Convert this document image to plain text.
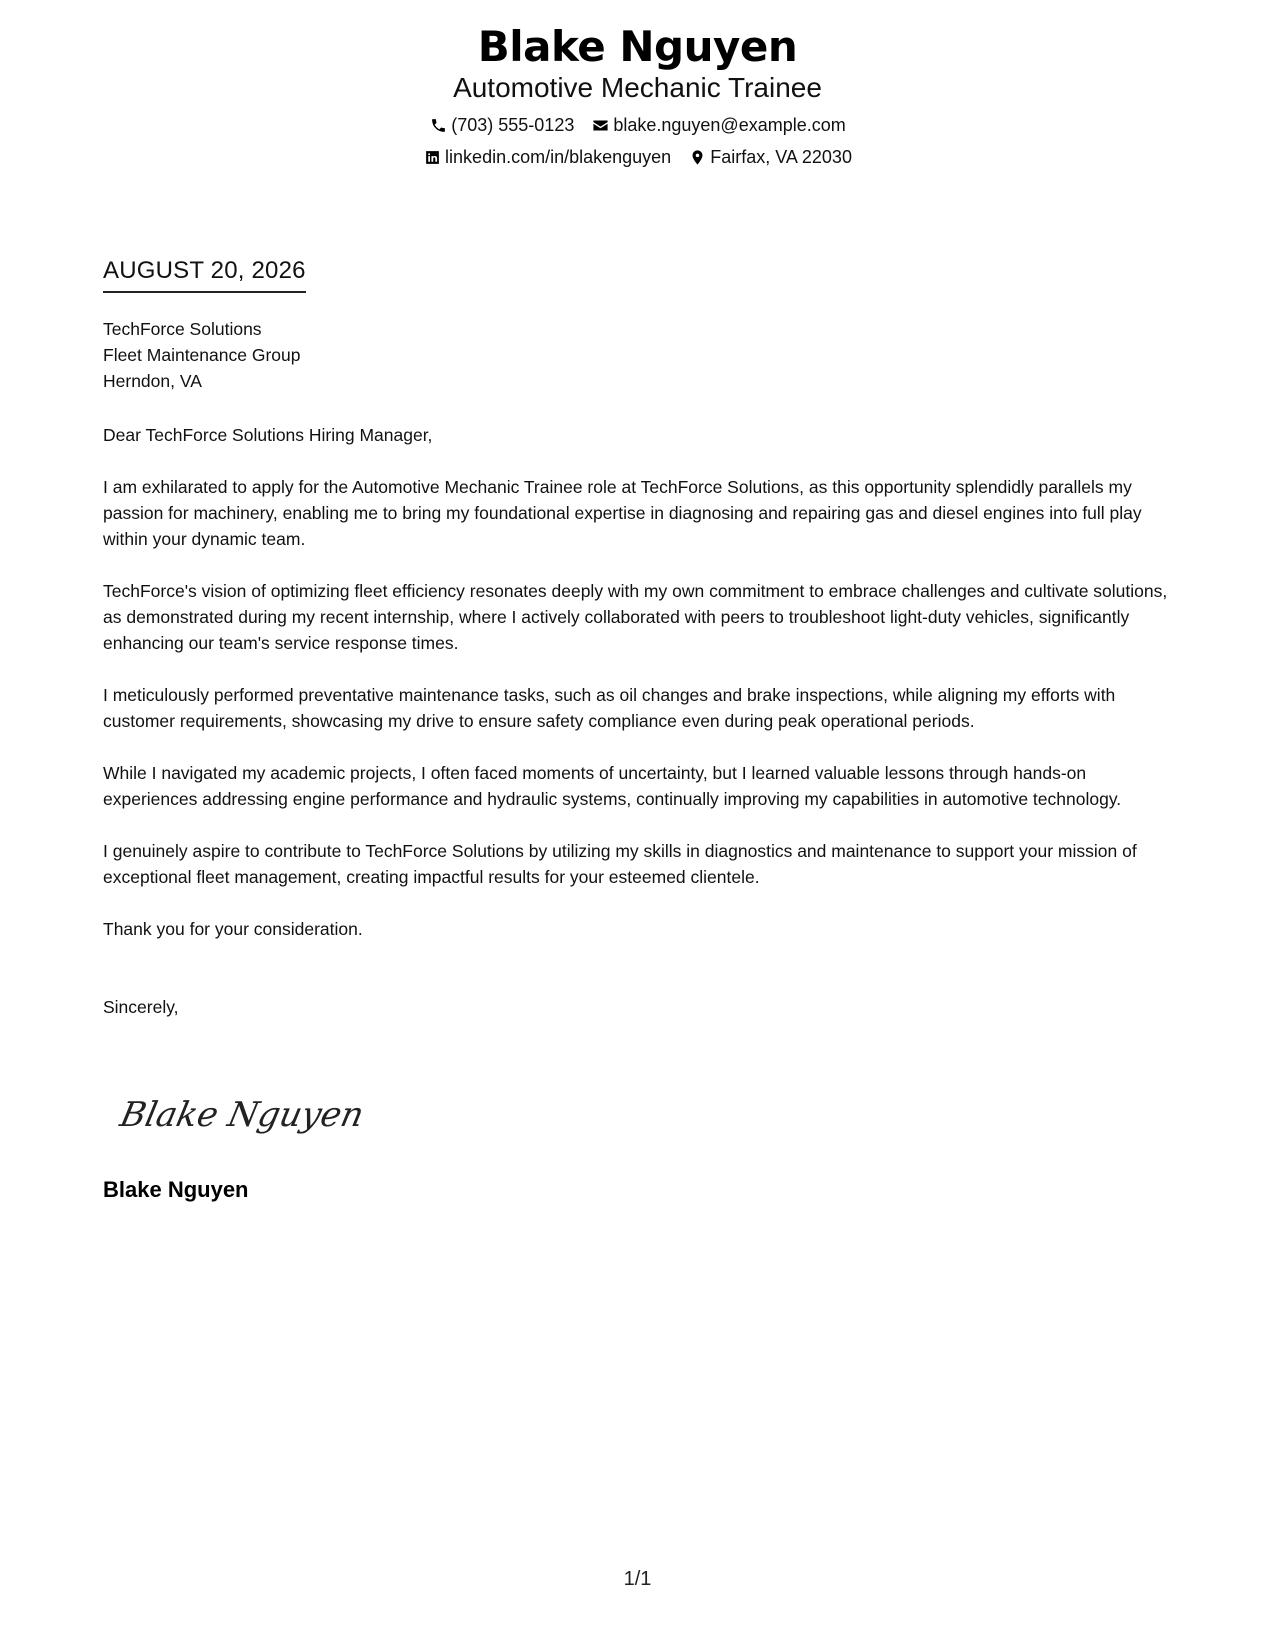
Blake Nguyen
Automotive Mechanic Trainee
(703) 555-0123 blake.nguyen@example.com
linkedin.com/in/blakenguyen Fairfax, VA 22030
AUGUST 20, 2026
TechForce Solutions
Fleet Maintenance Group
Herndon, VA
Dear TechForce Solutions Hiring Manager,
I am exhilarated to apply for the Automotive Mechanic Trainee role at TechForce Solutions, as this opportunity splendidly parallels my passion for machinery, enabling me to bring my foundational expertise in diagnosing and repairing gas and diesel engines into full play within your dynamic team.
TechForce's vision of optimizing fleet efficiency resonates deeply with my own commitment to embrace challenges and cultivate solutions, as demonstrated during my recent internship, where I actively collaborated with peers to troubleshoot light-duty vehicles, significantly enhancing our team's service response times.
I meticulously performed preventative maintenance tasks, such as oil changes and brake inspections, while aligning my efforts with customer requirements, showcasing my drive to ensure safety compliance even during peak operational periods.
While I navigated my academic projects, I often faced moments of uncertainty, but I learned valuable lessons through hands-on experiences addressing engine performance and hydraulic systems, continually improving my capabilities in automotive technology.
I genuinely aspire to contribute to TechForce Solutions by utilizing my skills in diagnostics and maintenance to support your mission of exceptional fleet management, creating impactful results for your esteemed clientele.
Thank you for your consideration.
Sincerely,
Blake Nguyen
Blake Nguyen
1/1
